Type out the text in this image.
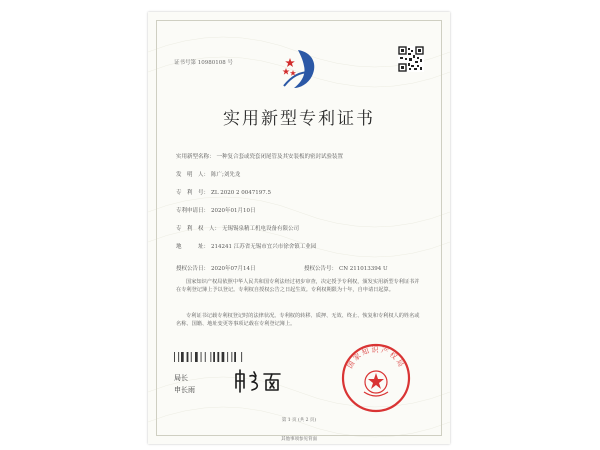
证书号第 10980108 号
实用新型专利证书
实用新型名称： 一种复合套或瓷套闭尾管及其安装板的密封试验装置
发　明　人： 陈广;刘先龙
专　利　号： ZL 2020 2 0047197.5
专利申请日： 2020年01月10日
专　利　权　人： 无锡锡泉精工机电设备有限公司
地　　　址： 214241 江苏省无锡市宜兴市徐舍镇工业园
授权公告日： 2020年07月14日	授权公告号： CN 211013394 U
国家知识产权局依照中华人民共和国专利法经过初步审查，决定授予专利权，颁发实用新型专利证书并在专利登记簿上予以登记。专利权自授权公告之日起生效。专利权期限为十年，自申请日起算。
专利证书记载专利权登记时的法律状况。专利权的转移、质押、无效、终止、恢复和专利权人的姓名或名称、国籍、地址变更等事项记载在专利登记簿上。
局长
申长雨
国家知识产权局
第 1 页 (共 2 页)
其他事项参见背面
